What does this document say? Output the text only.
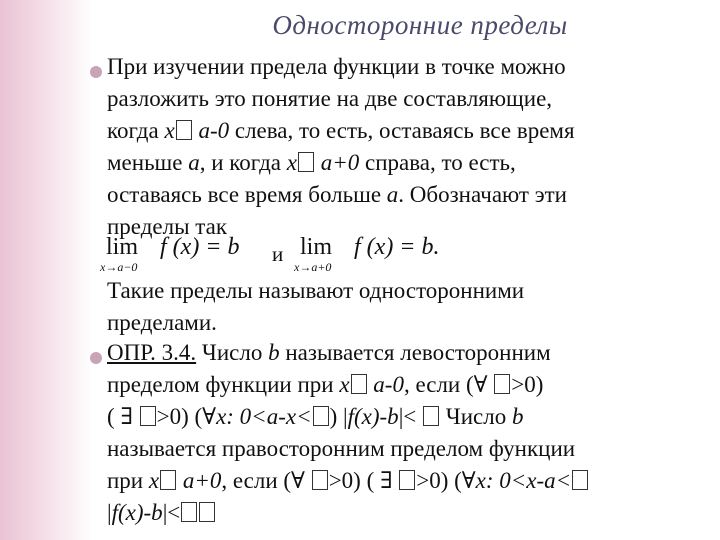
Односторонние пределы
При изучении предела функции в точке можно
разложить это понятие на две составляющие,
когда x a-0 слева, то есть, оставаясь все время
меньше a, и когда x a+0 справа, то есть,
оставаясь все время больше a. Обозначают эти
пределы так
lim
x→a−0
f (x) = b и lim
x→a+0
f (x) = b.
Такие пределы называют односторонними
пределами.
ОПР. 3.4. Число b называется левосторонним
пределом функции при x a-0, если (∀ >0)
( ∃ >0) (∀x: 0<a-x< ) |f(x)-b|<  Число b
называется правосторонним пределом функции
при x a+0, если (∀ >0) ( ∃ >0) (∀x: 0<x-a<
|f(x)-b|<
